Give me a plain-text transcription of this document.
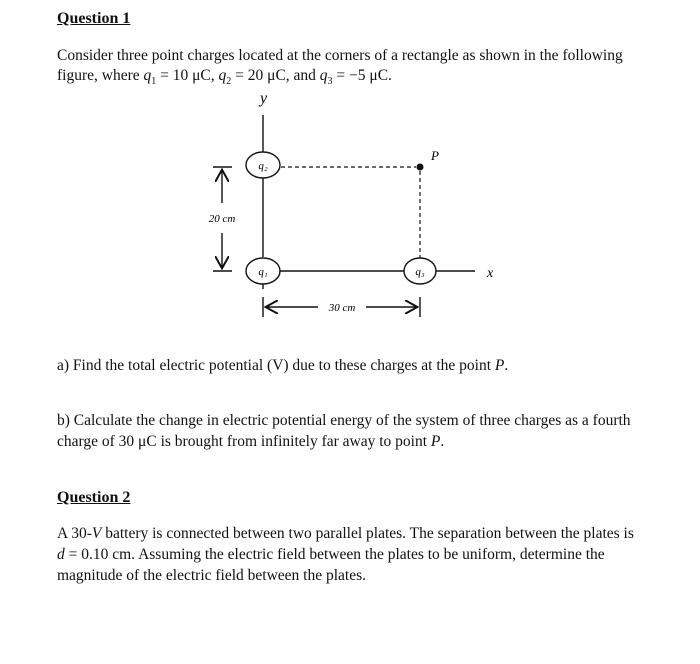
Question 1
Consider three point charges located at the corners of a rectangle as shown in the following
figure, where $q_1 = 10$ μC, $q_2 = 20$ μC, and $q_3 = -5$ μC.
y
x
P
q₂
q₁	q₃
20 cm
30 cm
a) Find the total electric potential (V) due to these charges at the point P.
b) Calculate the change in electric potential energy of the system of three charges as a fourth
charge of 30 μC is brought from infinitely far away to point P.
Question 2
A 30-V battery is connected between two parallel plates. The separation between the plates is
d = 0.10 cm. Assuming the electric field between the plates to be uniform, determine the
magnitude of the electric field between the plates.
